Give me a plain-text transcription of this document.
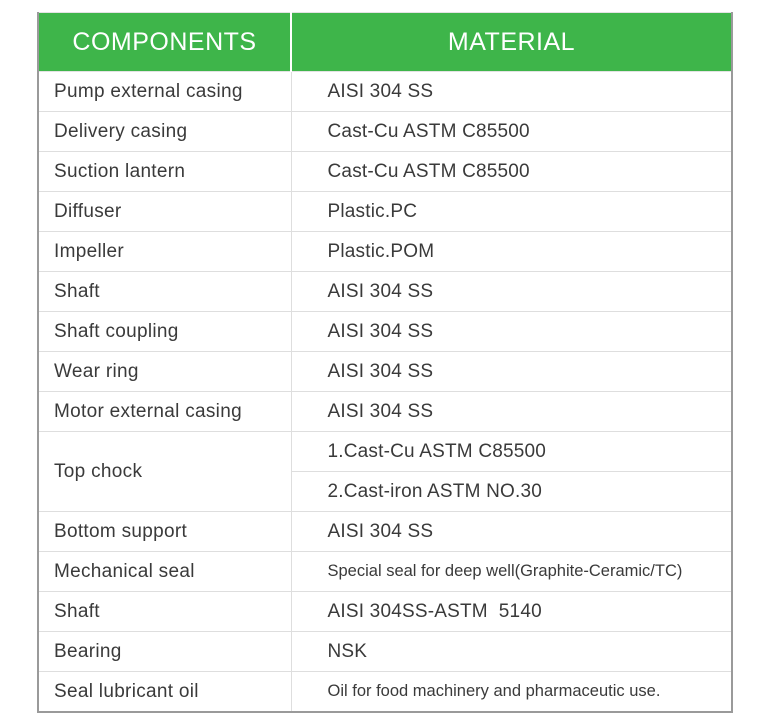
COMPONENTS	MATERIAL
Pump external casing	AISI 304 SS
Delivery casing	Cast-Cu ASTM C85500
Suction lantern	Cast-Cu ASTM C85500
Diffuser	Plastic.PC
Impeller	Plastic.POM
Shaft	AISI 304 SS
Shaft coupling	AISI 304 SS
Wear ring	AISI 304 SS
Motor external casing	AISI 304 SS
Top chock	1.Cast-Cu ASTM C85500
	2.Cast-iron ASTM NO.30
Bottom support	AISI 304 SS
Mechanical seal	Special seal for deep well(Graphite-Ceramic/TC)
Shaft	AISI 304SS-ASTM  5140
Bearing	NSK
Seal lubricant oil	Oil for food machinery and pharmaceutic use.
